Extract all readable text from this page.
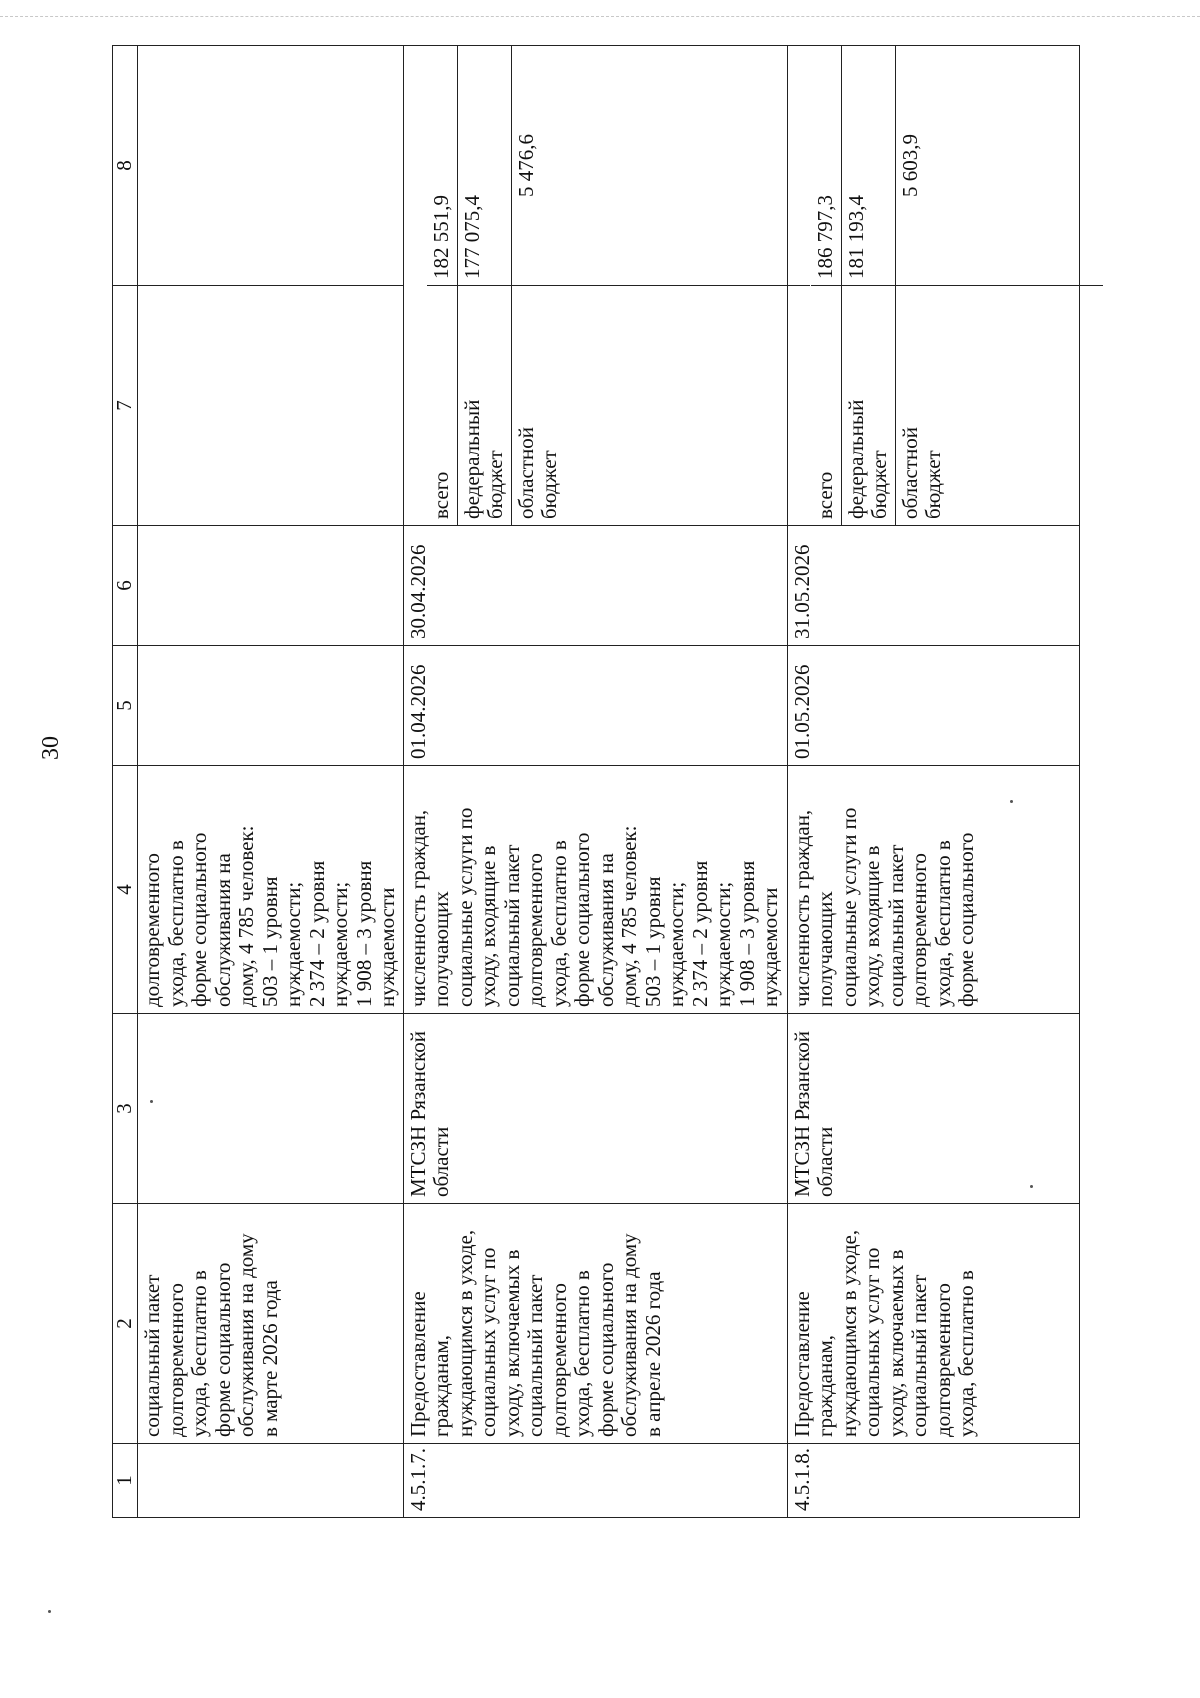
30
1	2	3	4	5	6	7	8
	социальный пакет
долговременного
ухода, бесплатно в
форме социального
обслуживания на дому
в марте 2026 года		долговременного
ухода, бесплатно в
форме социального
обслуживания на
дому, 4 785 человек:
503 – 1 уровня
нуждаемости;
2 374 – 2 уровня
нуждаемости;
1 908 – 3 уровня
нуждаемости				
4.5.1.7.	Предоставление
гражданам,
нуждающимся в уходе,
социальных услуг по
уходу, включаемых в
социальный пакет
долговременного
ухода, бесплатно в
форме социального
обслуживания на дому
в апреле 2026 года	МТСЗН Рязанской
области	численность граждан,
получающих
социальные услуги по
уходу, входящие в
социальный пакет
долговременного
ухода, бесплатно в
форме социального
обслуживания на
дому, 4 785 человек:
503 – 1 уровня
нуждаемости;
2 374 – 2 уровня
нуждаемости;
1 908 – 3 уровня
нуждаемости	01.04.2026	30.04.2026	

всего	182 551,9
федеральный
бюджет	177 075,4
областной
бюджет	5 476,6

4.5.1.8.	Предоставление
гражданам,
нуждающимся в уходе,
социальных услуг по
уходу, включаемых в
социальный пакет
долговременного
ухода, бесплатно в	МТСЗН Рязанской
области	численность граждан,
получающих
социальные услуги по
уходу, входящие в
социальный пакет
долговременного
ухода, бесплатно в
форме социального	01.05.2026	31.05.2026	

всего	186 797,3
федеральный
бюджет	181 193,4
областной
бюджет	5 603,9
